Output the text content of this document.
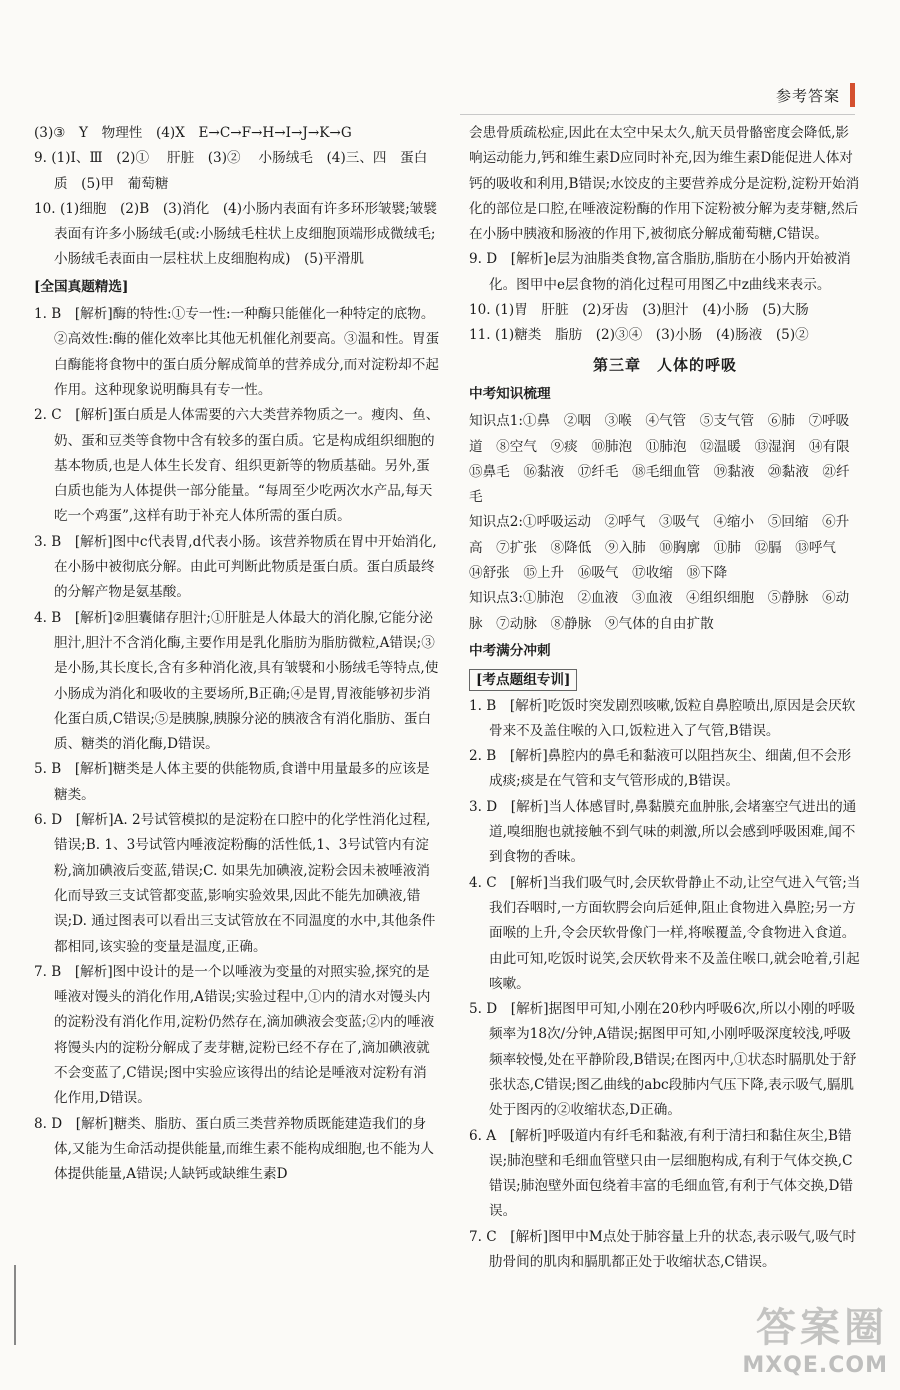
参考答案

(3)③　Y　物理性　(4)X　E→C→F→H→I→J→K→G

9. (1)Ⅰ、Ⅲ　(2)① 　肝脏　(3)② 　小肠绒毛　(4)三、四　蛋白质　(5)甲　葡萄糖

10. (1)细胞　(2)B　(3)消化　(4)小肠内表面有许多环形皱襞;皱襞表面有许多小肠绒毛(或:小肠绒毛柱状上皮细胞顶端形成微绒毛;小肠绒毛表面由一层柱状上皮细胞构成)　(5)平滑肌

[全国真题精选]

1. B　[解析]酶的特性:①专一性:一种酶只能催化一种特定的底物。②高效性:酶的催化效率比其他无机催化剂要高。③温和性。胃蛋白酶能将食物中的蛋白质分解成简单的营养成分,而对淀粉却不起作用。这种现象说明酶具有专一性。

2. C　[解析]蛋白质是人体需要的六大类营养物质之一。瘦肉、鱼、奶、蛋和豆类等食物中含有较多的蛋白质。它是构成组织细胞的基本物质,也是人体生长发育、组织更新等的物质基础。另外,蛋白质也能为人体提供一部分能量。“每周至少吃两次水产品,每天吃一个鸡蛋”,这样有助于补充人体所需的蛋白质。

3. B　[解析]图中c代表胃,d代表小肠。该营养物质在胃中开始消化,在小肠中被彻底分解。由此可判断此物质是蛋白质。蛋白质最终的分解产物是氨基酸。

4. B　[解析]②胆囊储存胆汁;①肝脏是人体最大的消化腺,它能分泌胆汁,胆汁不含消化酶,主要作用是乳化脂肪为脂肪微粒,A错误;③是小肠,其长度长,含有多种消化液,具有皱襞和小肠绒毛等特点,使小肠成为消化和吸收的主要场所,B正确;④是胃,胃液能够初步消化蛋白质,C错误;⑤是胰腺,胰腺分泌的胰液含有消化脂肪、蛋白质、糖类的消化酶,D错误。

5. B　[解析]糖类是人体主要的供能物质,食谱中用量最多的应该是糖类。

6. D　[解析]A. 2号试管模拟的是淀粉在口腔中的化学性消化过程,错误;B. 1、3号试管内唾液淀粉酶的活性低,1、3号试管内有淀粉,滴加碘液后变蓝,错误;C. 如果先加碘液,淀粉会因未被唾液消化而导致三支试管都变蓝,影响实验效果,因此不能先加碘液,错误;D. 通过图表可以看出三支试管放在不同温度的水中,其他条件都相同,该实验的变量是温度,正确。

7. B　[解析]图中设计的是一个以唾液为变量的对照实验,探究的是唾液对馒头的消化作用,A错误;实验过程中,①内的清水对馒头内的淀粉没有消化作用,淀粉仍然存在,滴加碘液会变蓝;②内的唾液将馒头内的淀粉分解成了麦芽糖,淀粉已经不存在了,滴加碘液就不会变蓝了,C错误;图中实验应该得出的结论是唾液对淀粉有消化作用,D错误。

8. D　[解析]糖类、脂肪、蛋白质三类营养物质既能建造我们的身体,又能为生命活动提供能量,而维生素不能构成细胞,也不能为人体提供能量,A错误;人缺钙或缺维生素D

会患骨质疏松症,因此在太空中呆太久,航天员骨骼密度会降低,影响运动能力,钙和维生素D应同时补充,因为维生素D能促进人体对钙的吸收和利用,B错误;水饺皮的主要营养成分是淀粉,淀粉开始消化的部位是口腔,在唾液淀粉酶的作用下淀粉被分解为麦芽糖,然后在小肠中胰液和肠液的作用下,被彻底分解成葡萄糖,C错误。

9. D　[解析]e层为油脂类食物,富含脂肪,脂肪在小肠内开始被消化。图甲中e层食物的消化过程可用图乙中z曲线来表示。

10. (1)胃　肝脏　(2)牙齿　(3)胆汁　(4)小肠　(5)大肠

11. (1)糖类　脂肪　(2)③④　(3)小肠　(4)肠液　(5)②

第三章　人体的呼吸
中考知识梳理

知识点1:①鼻　②咽　③喉　④气管　⑤支气管　⑥肺　⑦呼吸道　⑧空气　⑨痰　⑩肺泡　⑪肺泡　⑫温暖　⑬湿润　⑭有限　⑮鼻毛　⑯黏液　⑰纤毛　⑱毛细血管　⑲黏液　⑳黏液　㉑纤毛

知识点2:①呼吸运动　②呼气　③吸气　④缩小　⑤回缩　⑥升高　⑦扩张　⑧降低　⑨入肺　⑩胸廓　⑪肺　⑫膈　⑬呼气　⑭舒张　⑮上升　⑯吸气　⑰收缩　⑱下降

知识点3:①肺泡　②血液　③血液　④组织细胞　⑤静脉　⑥动脉　⑦动脉　⑧静脉　⑨气体的自由扩散

中考满分冲刺
[考点题组专训]

1. B　[解析]吃饭时突发剧烈咳嗽,饭粒自鼻腔喷出,原因是会厌软骨来不及盖住喉的入口,饭粒进入了气管,B错误。

2. B　[解析]鼻腔内的鼻毛和黏液可以阻挡灰尘、细菌,但不会形成痰;痰是在气管和支气管形成的,B错误。

3. D　[解析]当人体感冒时,鼻黏膜充血肿胀,会堵塞空气进出的通道,嗅细胞也就接触不到气味的刺激,所以会感到呼吸困难,闻不到食物的香味。

4. C　[解析]当我们吸气时,会厌软骨静止不动,让空气进入气管;当我们吞咽时,一方面软腭会向后延伸,阻止食物进入鼻腔;另一方面喉的上升,令会厌软骨像门一样,将喉覆盖,令食物进入食道。由此可知,吃饭时说笑,会厌软骨来不及盖住喉口,就会呛着,引起咳嗽。

5. D　[解析]据图甲可知,小刚在20秒内呼吸6次,所以小刚的呼吸频率为18次/分钟,A错误;据图甲可知,小刚呼吸深度较浅,呼吸频率较慢,处在平静阶段,B错误;在图丙中,①状态时膈肌处于舒张状态,C错误;图乙曲线的abc段肺内气压下降,表示吸气,膈肌处于图丙的②收缩状态,D正确。

6. A　[解析]呼吸道内有纤毛和黏液,有利于清扫和黏住灰尘,B错误;肺泡壁和毛细血管壁只由一层细胞构成,有利于气体交换,C错误;肺泡壁外面包绕着丰富的毛细血管,有利于气体交换,D错误。

7. C　[解析]图甲中M点处于肺容量上升的状态,表示吸气,吸气时肋骨间的肌肉和膈肌都正处于收缩状态,C错误。

答案圈
MXQE.COM
